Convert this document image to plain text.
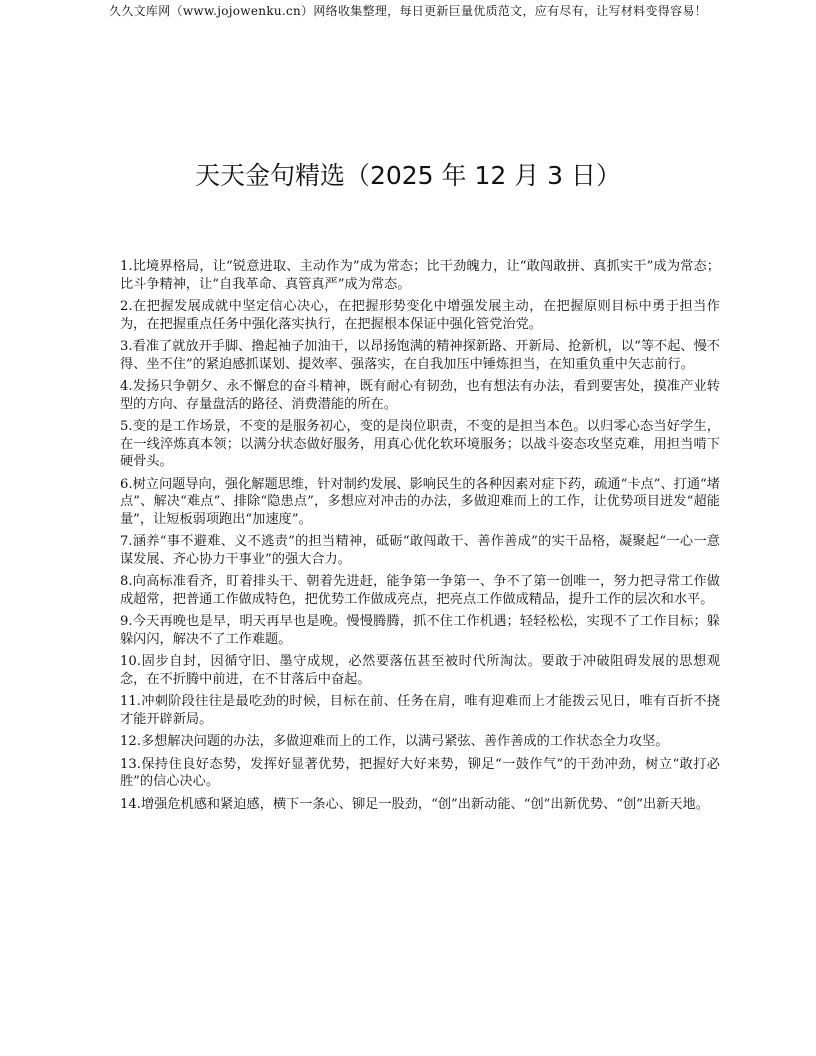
久久文库网（www.jojowenku.cn）网络收集整理，每日更新巨量优质范文，应有尽有，让写材料变得容易！
天天金句精选（2025 年 12 月 3 日）
1.比境界格局，让“锐意进取、主动作为”成为常态；比干劲魄力，让“敢闯敢拼、真抓实干”成为常态；比斗争精神，让“自我革命、真管真严”成为常态。
2.在把握发展成就中坚定信心决心，在把握形势变化中增强发展主动，在把握原则目标中勇于担当作为，在把握重点任务中强化落实执行，在把握根本保证中强化管党治党。
3.看准了就放开手脚、撸起袖子加油干，以昂扬饱满的精神探新路、开新局、抢新机，以“等不起、慢不得、坐不住”的紧迫感抓谋划、提效率、强落实，在自我加压中锤炼担当，在知重负重中矢志前行。
4.发扬只争朝夕、永不懈怠的奋斗精神，既有耐心有韧劲，也有想法有办法，看到要害处，摸准产业转型的方向、存量盘活的路径、消费潜能的所在。
5.变的是工作场景，不变的是服务初心，变的是岗位职责，不变的是担当本色。以归零心态当好学生，在一线淬炼真本领；以满分状态做好服务，用真心优化软环境服务；以战斗姿态攻坚克难，用担当啃下硬骨头。
6.树立问题导向，强化解题思维，针对制约发展、影响民生的各种因素对症下药，疏通“卡点”、打通“堵点”、解决“难点”、排除“隐患点”，多想应对冲击的办法，多做迎难而上的工作，让优势项目迸发“超能量”，让短板弱项跑出“加速度”。
7.涵养“事不避难、义不逃责”的担当精神，砥砺“敢闯敢干、善作善成”的实干品格，凝聚起“一心一意谋发展、齐心协力干事业”的强大合力。
8.向高标准看齐，盯着排头干、朝着先进赶，能争第一争第一、争不了第一创唯一，努力把寻常工作做成超常，把普通工作做成特色，把优势工作做成亮点，把亮点工作做成精品，提升工作的层次和水平。
9.今天再晚也是早，明天再早也是晚。慢慢腾腾，抓不住工作机遇；轻轻松松，实现不了工作目标；躲躲闪闪，解决不了工作难题。
10.固步自封，因循守旧、墨守成规，必然要落伍甚至被时代所淘汰。要敢于冲破阻碍发展的思想观念，在不折腾中前进，在不甘落后中奋起。
11.冲刺阶段往往是最吃劲的时候，目标在前、任务在肩，唯有迎难而上才能拨云见日，唯有百折不挠才能开辟新局。
12.多想解决问题的办法，多做迎难而上的工作，以满弓紧弦、善作善成的工作状态全力攻坚。
13.保持住良好态势，发挥好显著优势，把握好大好来势，铆足“一鼓作气”的干劲冲劲，树立“敢打必胜”的信心决心。
14.增强危机感和紧迫感，横下一条心、铆足一股劲，“创”出新动能、“创”出新优势、“创”出新天地。
